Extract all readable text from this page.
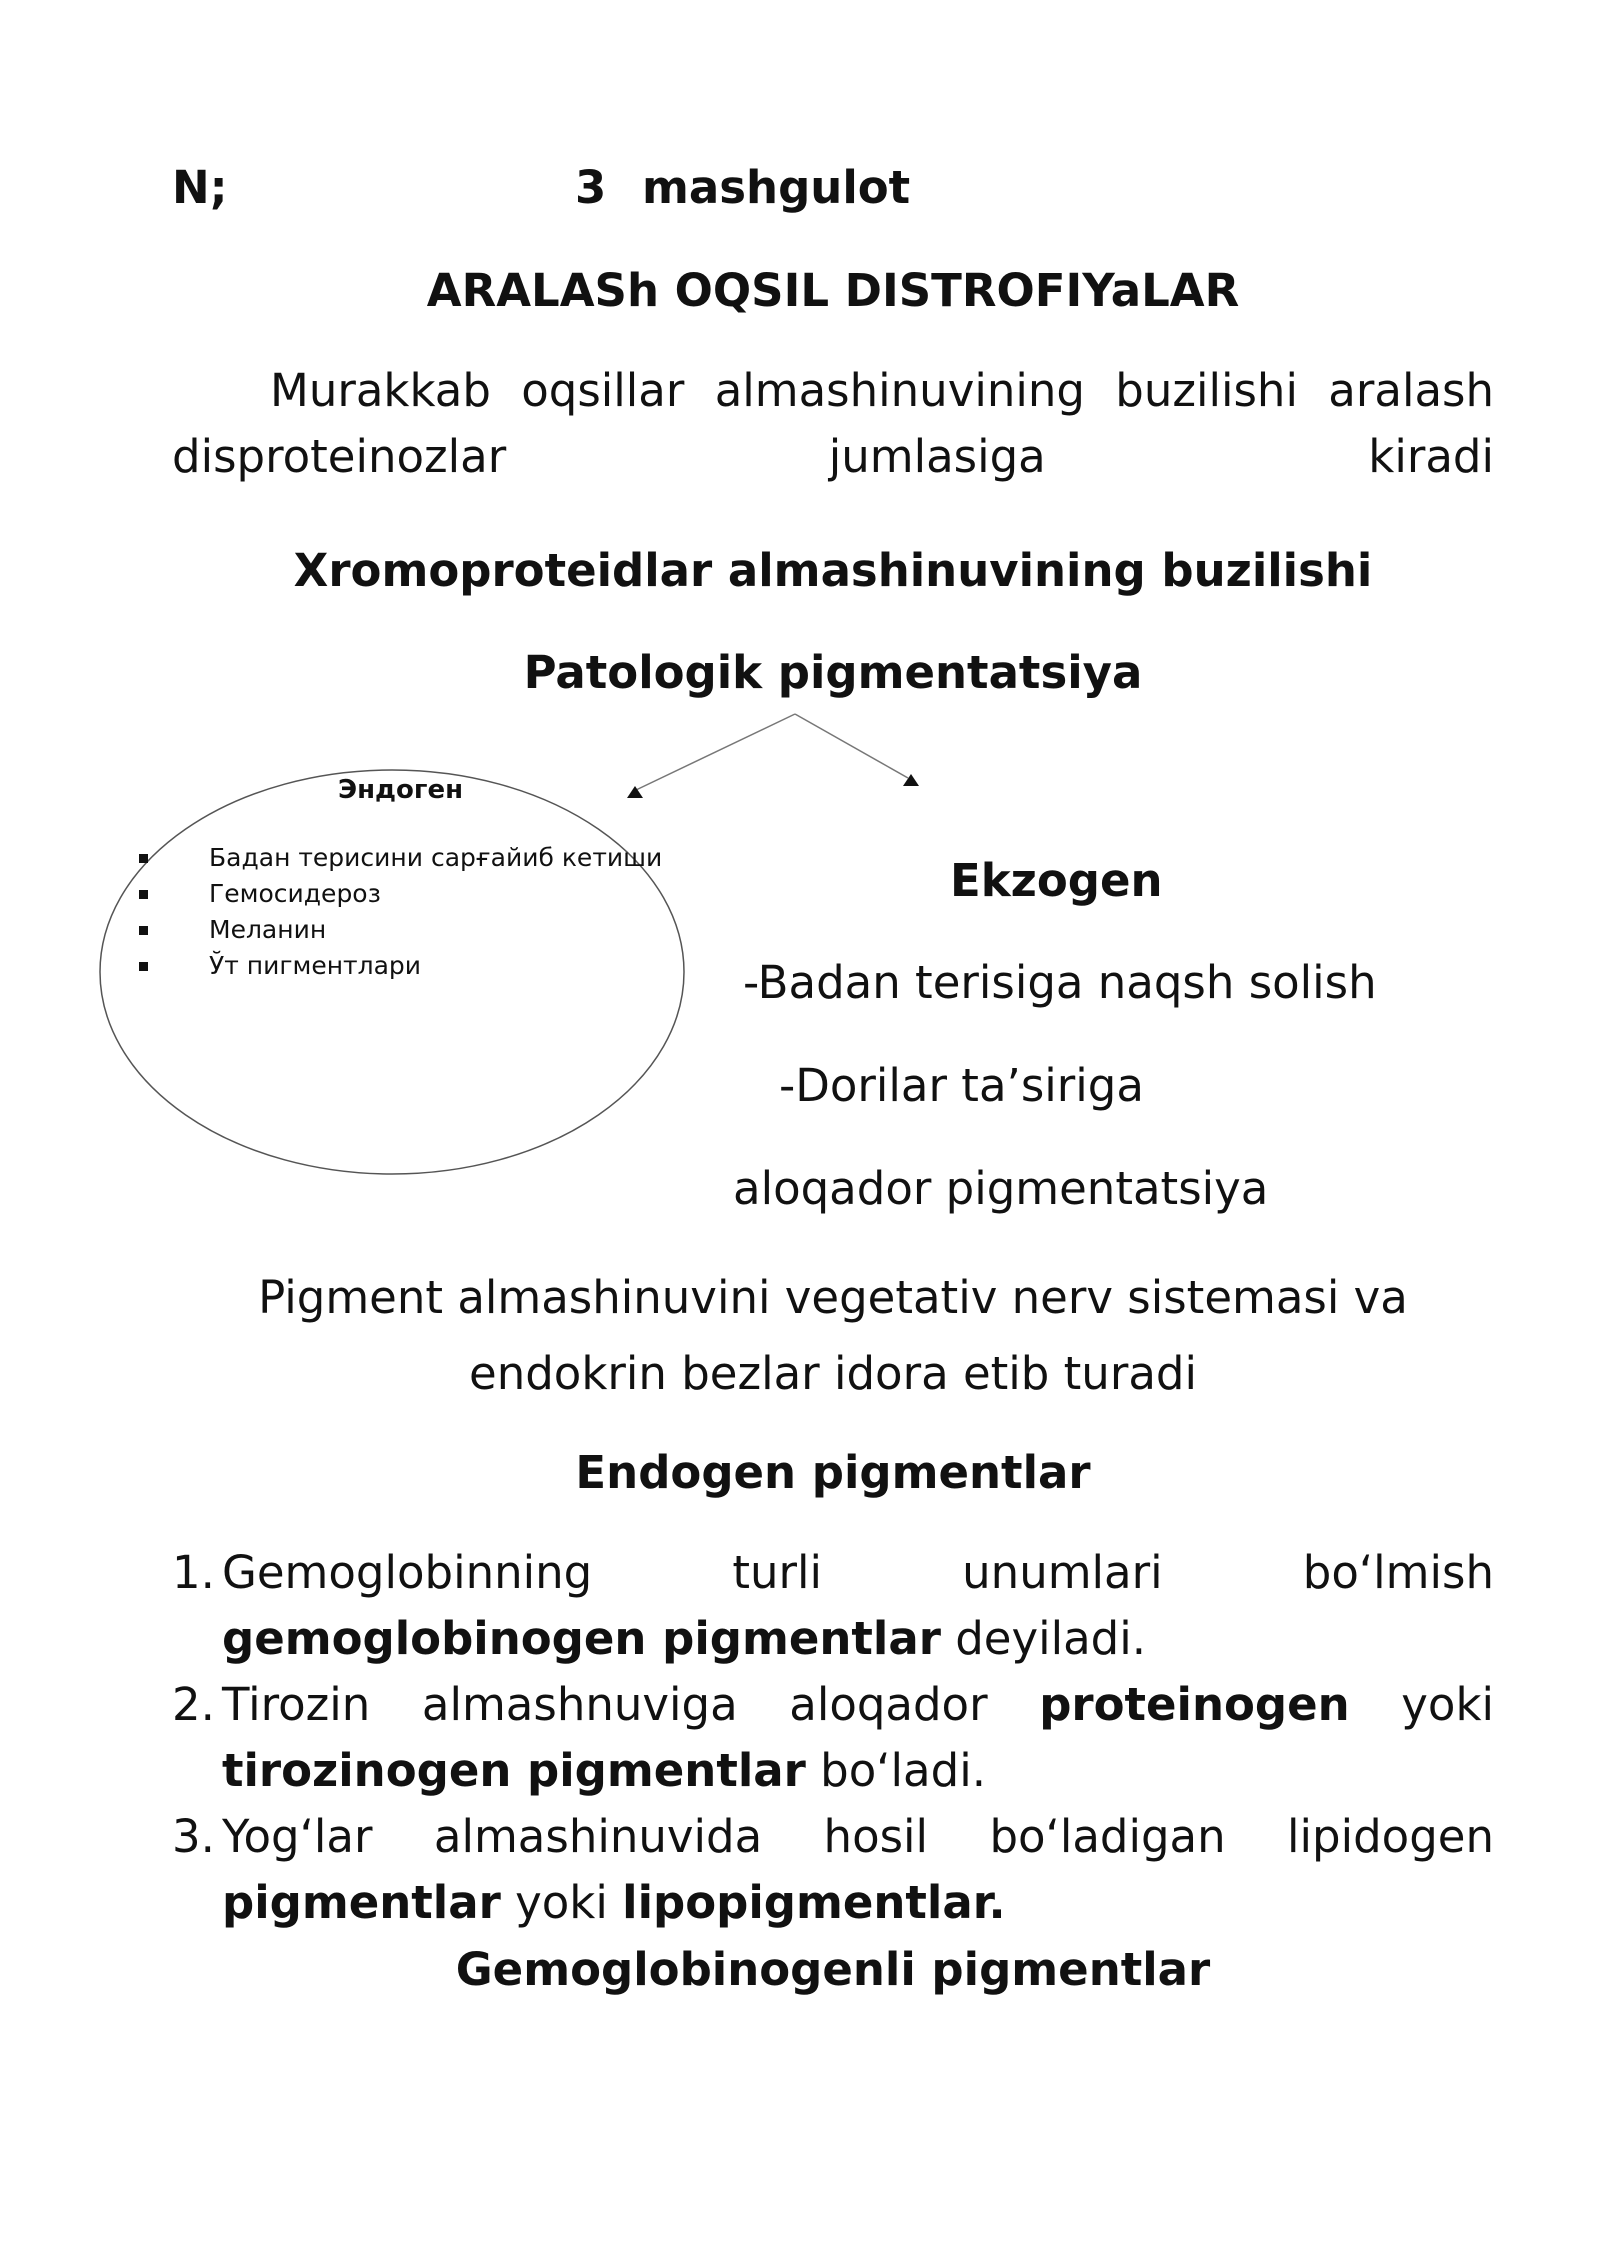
N;	3 mashgulot
ARALASh OQSIL DISTROFIYaLAR
Murakkab oqsillar almashinuvining buzilishi aralash disproteinozlar jumlasiga kiradi
Xromoproteidlar almashinuvining buzilishi
Patologik pigmentatsiya
Эндоген
Бадан терисини сарғайиб кетиши
Гемосидероз
Меланин
Ўт пигментлари
Ekzogen
-Badan terisiga naqsh solish
-Dorilar ta’siriga
aloqador pigmentatsiya
Pigment almashinuvini vegetativ nerv sistemasi va endokrin bezlar idora etib turadi
Endogen pigmentlar
1. Gemoglobinning turli unumlari bo‘lmish gemoglobinogen pigmentlar deyiladi.
2. Tirozin almashnuviga aloqador proteinogen yoki tirozinogen pigmentlar bo‘ladi.
3. Yog‘lar almashinuvida hosil bo‘ladigan lipidogen pigmentlar yoki lipopigmentlar.
Gemoglobinogenli pigmentlar
